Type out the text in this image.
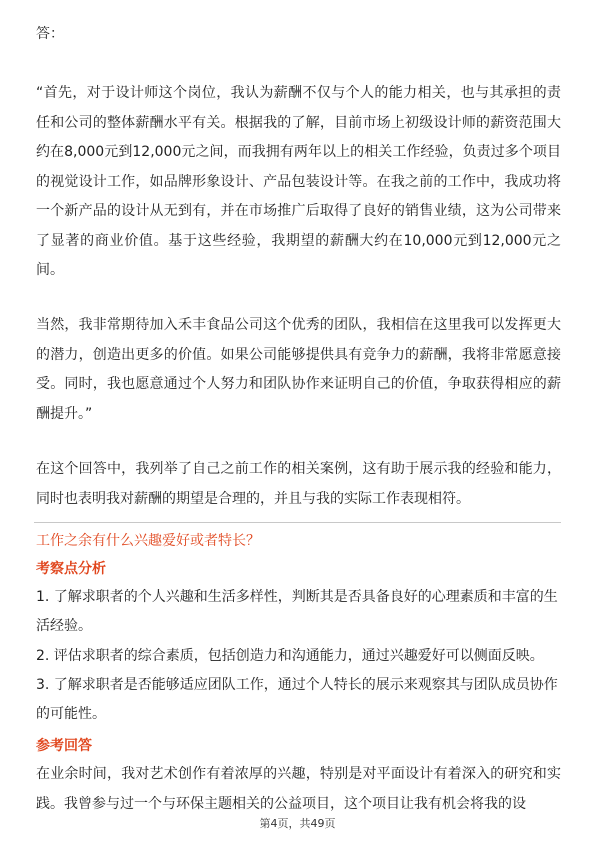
答：

“首先，对于设计师这个岗位，我认为薪酬不仅与个人的能力相关，也与其承担的责任和公司的整体薪酬水平有关。根据我的了解，目前市场上初级设计师的薪资范围大约在8,000元到12,000元之间，而我拥有两年以上的相关工作经验，负责过多个项目的视觉设计工作，如品牌形象设计、产品包装设计等。在我之前的工作中，我成功将一个新产品的设计从无到有，并在市场推广后取得了良好的销售业绩，这为公司带来了显著的商业价值。基于这些经验，我期望的薪酬大约在10,000元到12,000元之间。

当然，我非常期待加入禾丰食品公司这个优秀的团队，我相信在这里我可以发挥更大的潜力，创造出更多的价值。如果公司能够提供具有竞争力的薪酬，我将非常愿意接受。同时，我也愿意通过个人努力和团队协作来证明自己的价值，争取获得相应的薪酬提升。”

在这个回答中，我列举了自己之前工作的相关案例，这有助于展示我的经验和能力，同时也表明我对薪酬的期望是合理的，并且与我的实际工作表现相符。

工作之余有什么兴趣爱好或者特长？

考察点分析

1. 了解求职者的个人兴趣和生活多样性，判断其是否具备良好的心理素质和丰富的生活经验。

2. 评估求职者的综合素质，包括创造力和沟通能力，通过兴趣爱好可以侧面反映。

3. 了解求职者是否能够适应团队工作，通过个人特长的展示来观察其与团队成员协作的可能性。

参考回答

在业余时间，我对艺术创作有着浓厚的兴趣，特别是对平面设计有着深入的研究和实践。我曾参与过一个与环保主题相关的公益项目，这个项目让我有机会将我的设

第4页，共49页
